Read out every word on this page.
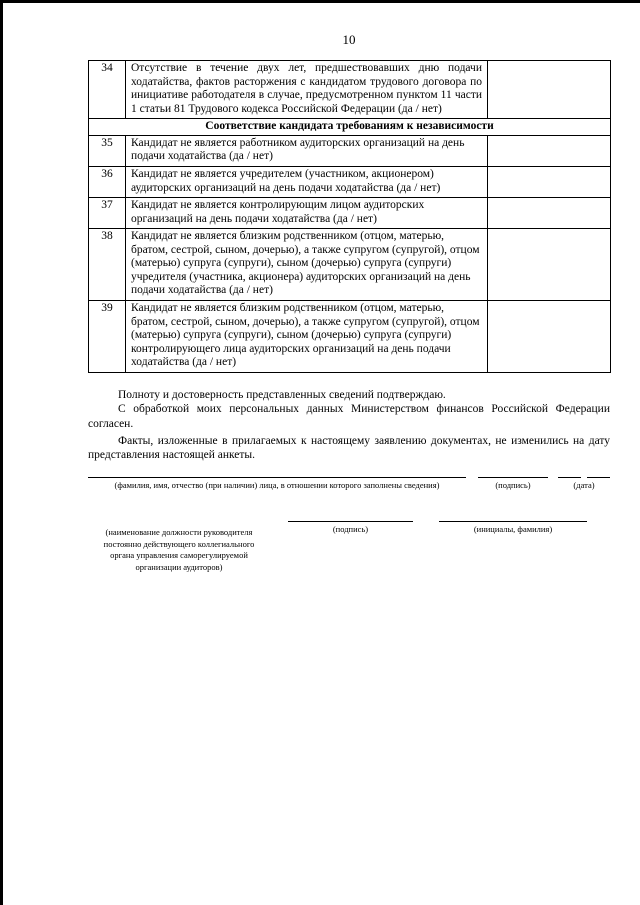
10
34	Отсутствие в течение двух лет, предшествовавших дню подачи ходатайства, фактов расторжения с кандидатом трудового договора по инициативе работодателя в случае, предусмотренном пунктом 11 части 1 статьи 81 Трудового кодекса Российской Федерации (да / нет)	
Соответствие кандидата требованиям к независимости		
35	Кандидат не является работником аудиторских организаций на день подачи ходатайства (да / нет)	
36	Кандидат не является учредителем (участником, акционером) аудиторских организаций на день подачи ходатайства (да / нет)	
37	Кандидат не является контролирующим лицом аудиторских организаций на день подачи ходатайства (да / нет)	
38	Кандидат не является близким родственником (отцом, матерью, братом, сестрой, сыном, дочерью), а также супругом (супругой), отцом (матерью) супруга (супруги), сыном (дочерью) супруга (супруги) учредителя (участника, акционера) аудиторских организаций на день подачи ходатайства (да / нет)	
39	Кандидат не является близким родственником (отцом, матерью, братом, сестрой, сыном, дочерью), а также супругом (супругой), отцом (матерью) супруга (супруги), сыном (дочерью) супруга (супруги) контролирующего лица аудиторских организаций на день подачи ходатайства (да / нет)	

Полноту и достоверность представленных сведений подтверждаю.

С обработкой моих персональных данных Министерством финансов Российской Федерации согласен.

Факты, изложенные в прилагаемых к настоящему заявлению документах, не изменились на дату представления настоящей анкеты.

(фамилия, имя, отчество (при наличии) лица, в отношении которого заполнены сведения)	(подпись)	(дата)
(наименование должности руководителя постоянно действующего коллегиального органа управления саморегулируемой организации аудиторов)
(подпись)	(инициалы, фамилия)
